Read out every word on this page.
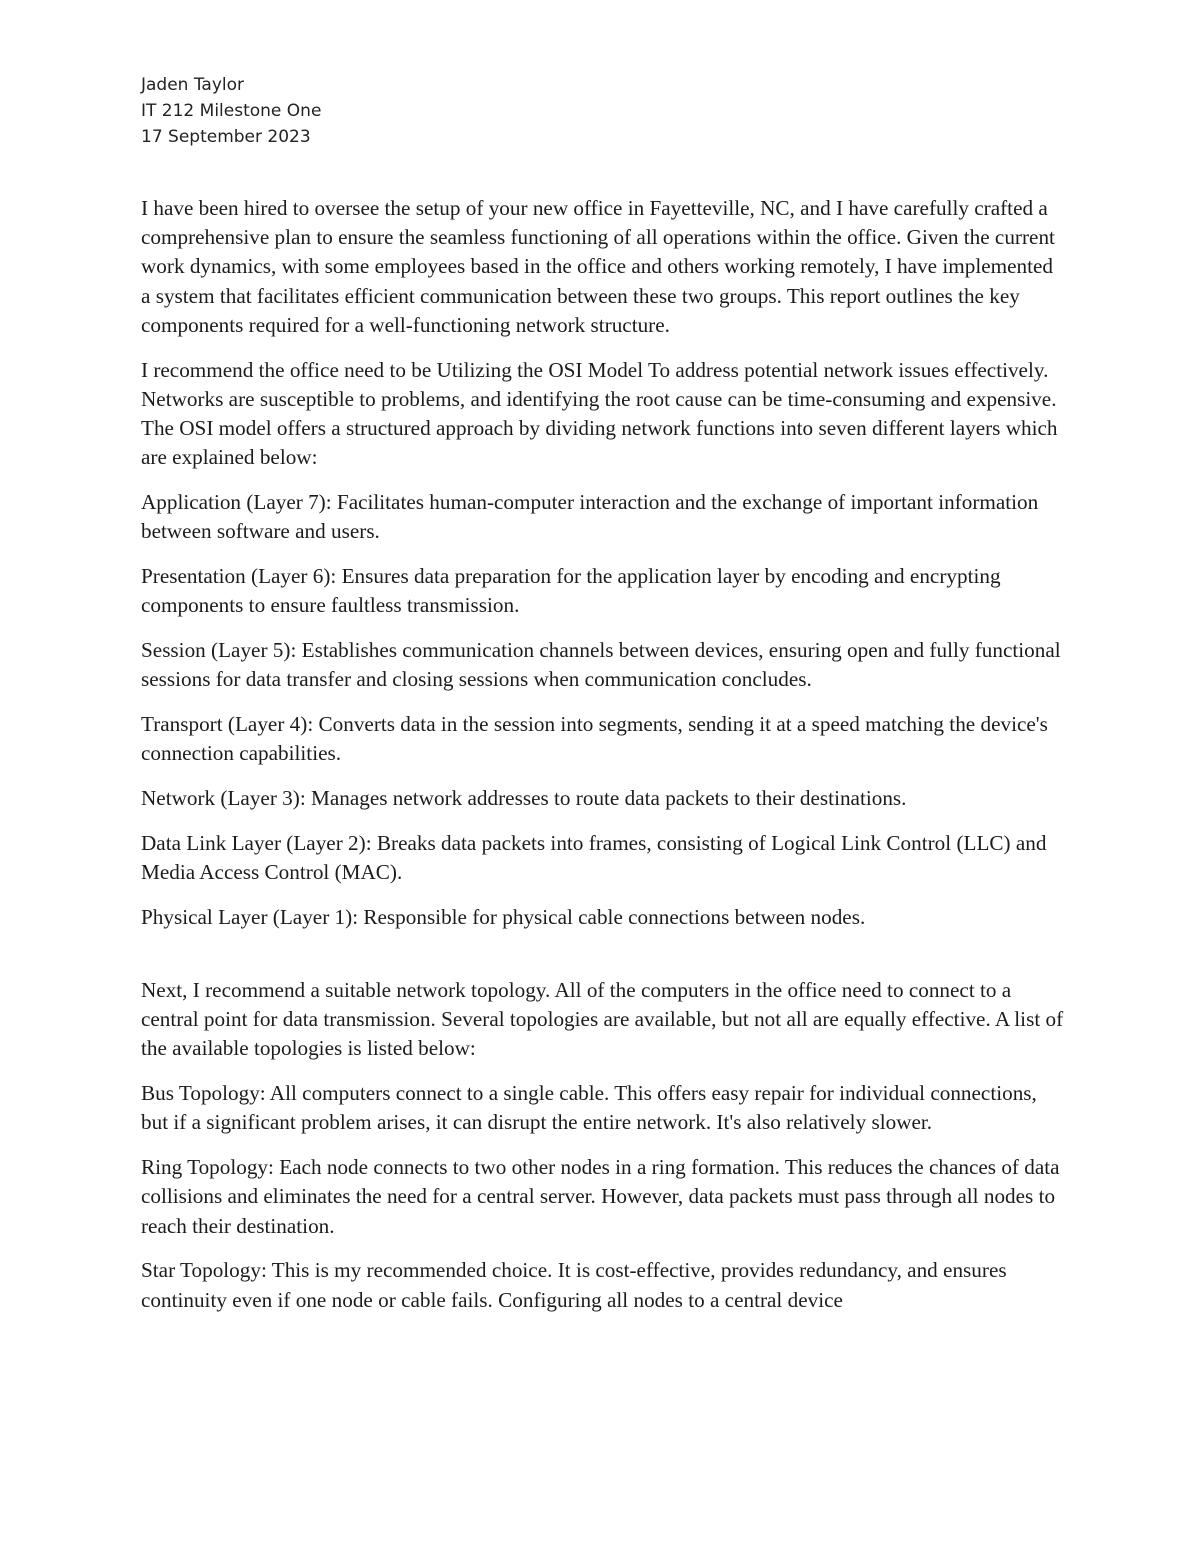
Jaden Taylor
IT 212 Milestone One
17 September 2023

I have been hired to oversee the setup of your new office in Fayetteville, NC, and I have carefully crafted a comprehensive plan to ensure the seamless functioning of all operations within the office. Given the current work dynamics, with some employees based in the office and others working remotely, I have implemented a system that facilitates efficient communication between these two groups. This report outlines the key components required for a well-functioning network structure.

I recommend the office need to be Utilizing the OSI Model To address potential network issues effectively. Networks are susceptible to problems, and identifying the root cause can be time-consuming and expensive. The OSI model offers a structured approach by dividing network functions into seven different layers which are explained below:

Application (Layer 7): Facilitates human-computer interaction and the exchange of important information between software and users.

Presentation (Layer 6): Ensures data preparation for the application layer by encoding and encrypting components to ensure faultless transmission.

Session (Layer 5): Establishes communication channels between devices, ensuring open and fully functional sessions for data transfer and closing sessions when communication concludes.

Transport (Layer 4): Converts data in the session into segments, sending it at a speed matching the device's connection capabilities.

Network (Layer 3): Manages network addresses to route data packets to their destinations.

Data Link Layer (Layer 2): Breaks data packets into frames, consisting of Logical Link Control (LLC) and Media Access Control (MAC).

Physical Layer (Layer 1): Responsible for physical cable connections between nodes.

Next, I recommend a suitable network topology. All of the computers in the office need to connect to a central point for data transmission. Several topologies are available, but not all are equally effective. A list of the available topologies is listed below:

Bus Topology: All computers connect to a single cable. This offers easy repair for individual connections, but if a significant problem arises, it can disrupt the entire network. It's also relatively slower.

Ring Topology: Each node connects to two other nodes in a ring formation. This reduces the chances of data collisions and eliminates the need for a central server. However, data packets must pass through all nodes to reach their destination.

Star Topology: This is my recommended choice. It is cost-effective, provides redundancy, and ensures continuity even if one node or cable fails. Configuring all nodes to a central device
